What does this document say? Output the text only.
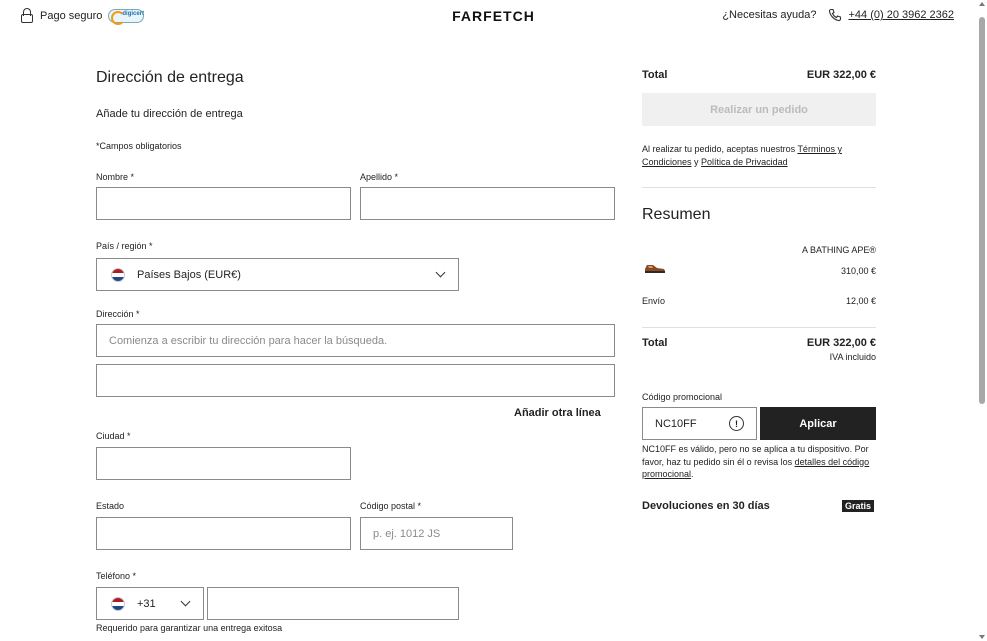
Pago seguro	digicert	FARFETCH	¿Necesitas ayuda?	+44 (0) 20 3962 2362
Dirección de entrega
Añade tu dirección de entrega
*Campos obligatorios
Nombre *	Apellido *
País / región *
Países Bajos (EUR€)
Dirección *
Comienza a escribir tu dirección para hacer la búsqueda.
Añadir otra línea
Ciudad *
Estado	Código postal *
p. ej. 1012 JS
Teléfono *
+31
Requerido para garantizar una entrega exitosa
Total	EUR 322,00 €
Realizar un pedido
Al realizar tu pedido, aceptas nuestros Términos y Condiciones y Política de Privacidad
Resumen
A BATHING APE®
310,00 €
Envío	12,00 €
Total	EUR 322,00 €
IVA incluido
Código promocional
NC10FF	!	Aplicar
NC10FF es válido, pero no se aplica a tu dispositivo. Por favor, haz tu pedido sin él o revisa los detalles del código promocional.
Devoluciones en 30 días	Gratis
